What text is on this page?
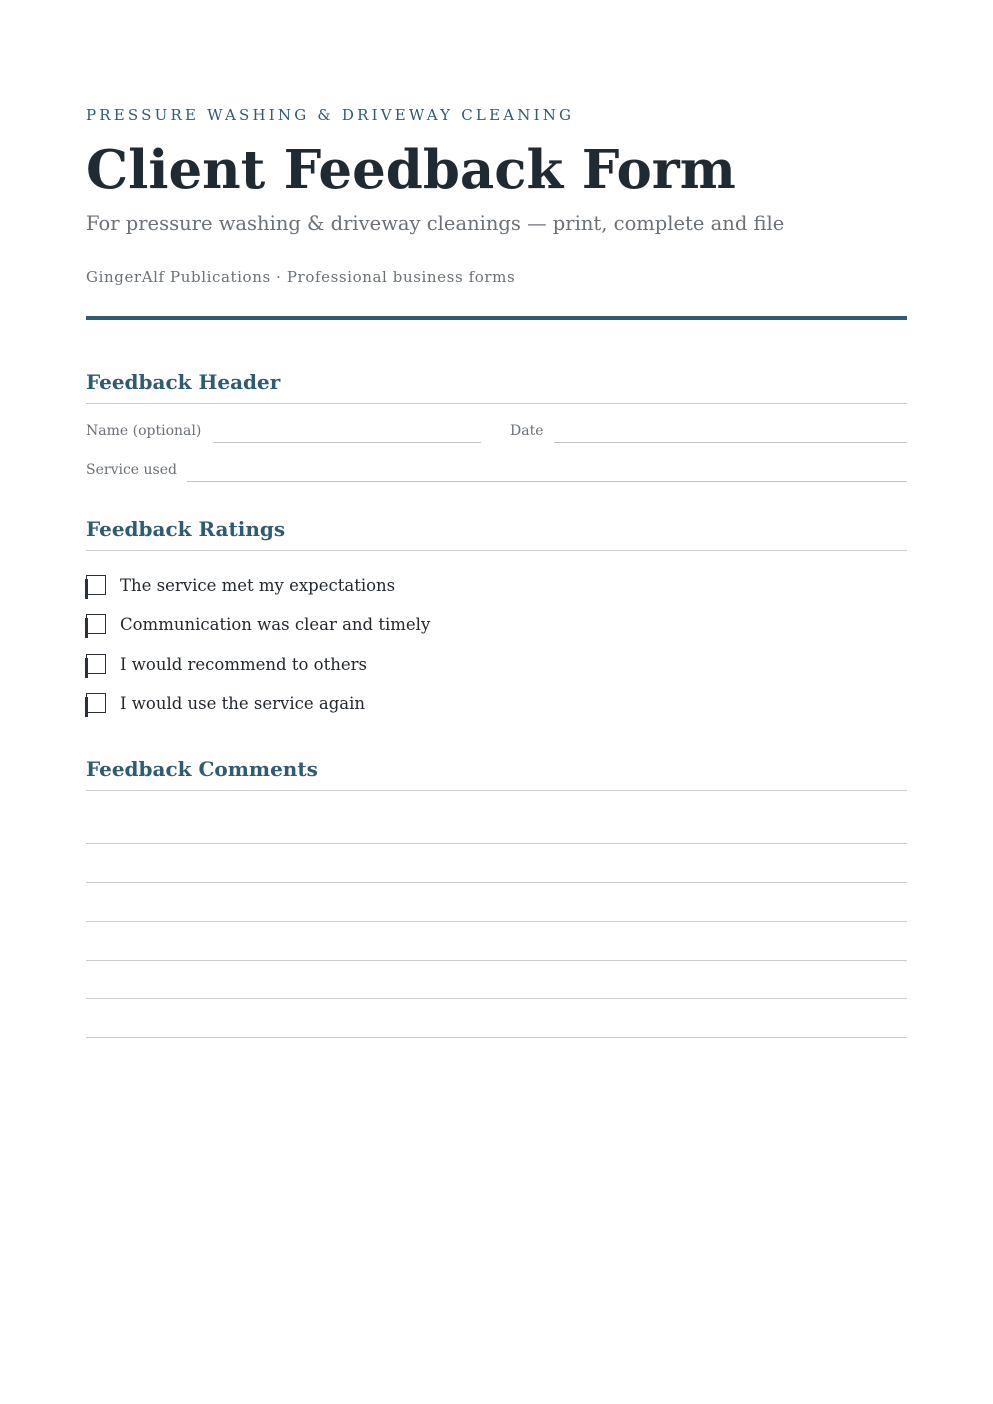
PRESSURE WASHING & DRIVEWAY CLEANING
Client Feedback Form
For pressure washing & driveway cleanings — print, complete and file
GingerAlf Publications · Professional business forms
Feedback Header
Name (optional)	Date
Service used
Feedback Ratings
The service met my expectations
Communication was clear and timely
I would recommend to others
I would use the service again
Feedback Comments
